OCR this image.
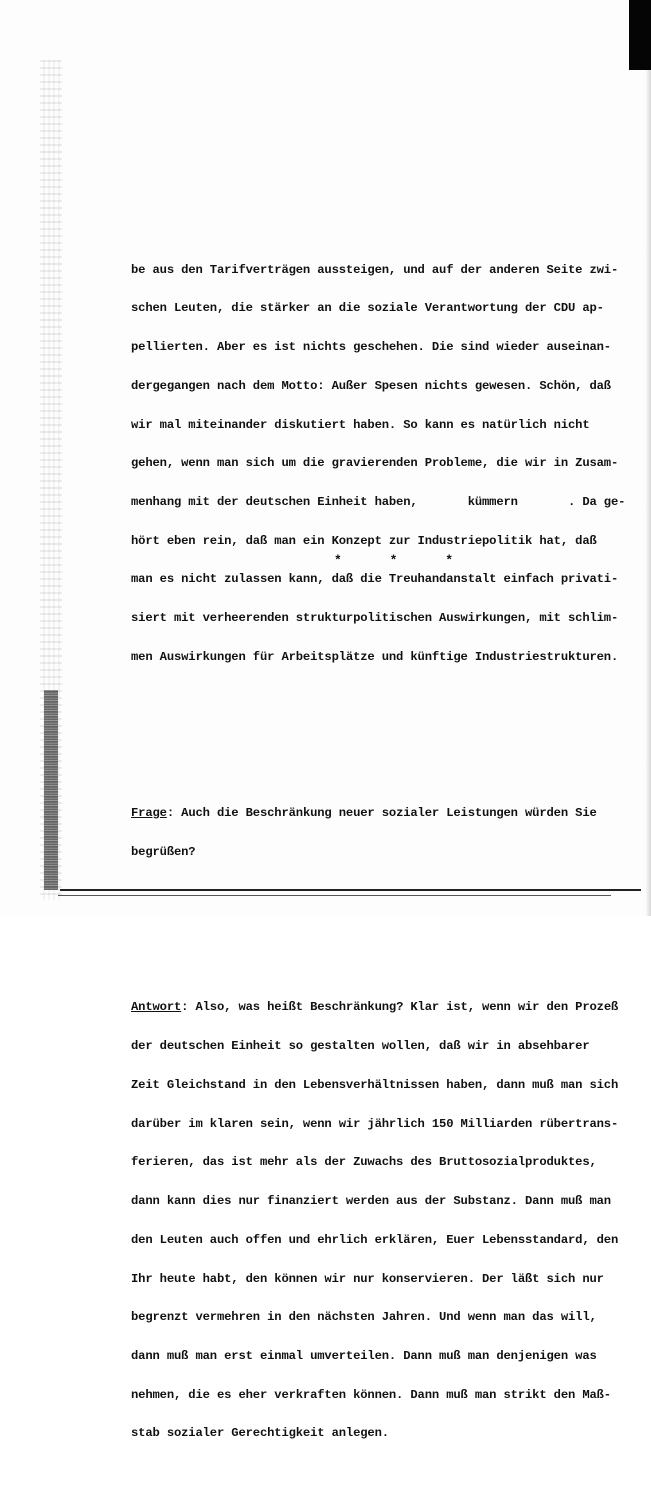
be aus den Tarifverträgen aussteigen, und auf der anderen Seite zwi-

schen Leuten, die stärker an die soziale Verantwortung der CDU ap-

pellierten. Aber es ist nichts geschehen. Die sind wieder auseinan-

dergegangen nach dem Motto: Außer Spesen nichts gewesen. Schön, daß

wir mal miteinander diskutiert haben. So kann es natürlich nicht

gehen, wenn man sich um die gravierenden Probleme, die wir in Zusam-

menhang mit der deutschen Einheit haben,       kümmern       . Da ge-

hört eben rein, daß man ein Konzept zur Industriepolitik hat, daß

man es nicht zulassen kann, daß die Treuhandanstalt einfach privati-

siert mit verheerenden strukturpolitischen Auswirkungen, mit schlim-

men Auswirkungen für Arbeitsplätze und künftige Industriestrukturen.

Frage: Auch die Beschränkung neuer sozialer Leistungen würden Sie

begrüßen?

Antwort: Also, was heißt Beschränkung? Klar ist, wenn wir den Prozeß

der deutschen Einheit so gestalten wollen, daß wir in absehbarer

Zeit Gleichstand in den Lebensverhältnissen haben, dann muß man sich

darüber im klaren sein, wenn wir jährlich 150 Milliarden rübertrans-

ferieren, das ist mehr als der Zuwachs des Bruttosozialproduktes,

dann kann dies nur finanziert werden aus der Substanz. Dann muß man

den Leuten auch offen und ehrlich erklären, Euer Lebensstandard, den

Ihr heute habt, den können wir nur konservieren. Der läßt sich nur

begrenzt vermehren in den nächsten Jahren. Und wenn man das will,

dann muß man erst einmal umverteilen. Dann muß man denjenigen was

nehmen, die es eher verkraften können. Dann muß man strikt den Maß-

stab sozialer Gerechtigkeit anlegen.

* * *
